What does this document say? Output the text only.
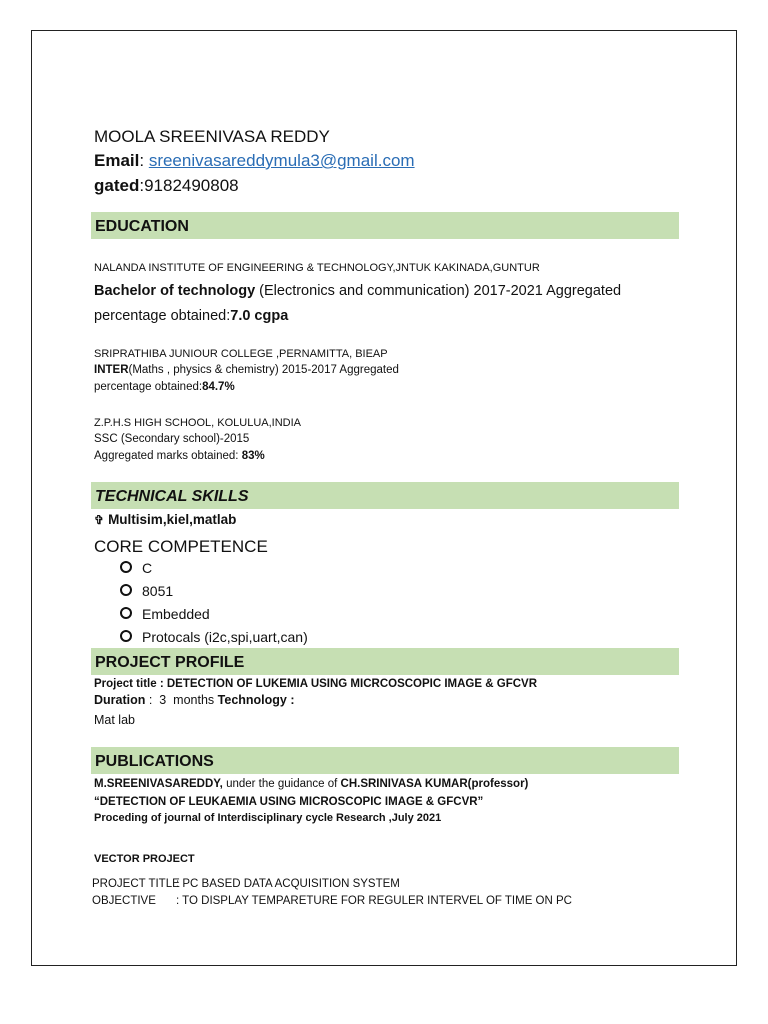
MOOLA SREENIVASA REDDY
Email: sreenivasareddymula3@gmail.com
gated:9182490808
EDUCATION
NALANDA INSTITUTE OF ENGINEERING & TECHNOLOGY,JNTUK KAKINADA,GUNTUR
Bachelor of technology (Electronics and communication) 2017-2021 Aggregated
percentage obtained:7.0 cgpa
SRIPRATHIBA JUNIOUR COLLEGE ,PERNAMITTA, BIEAP
INTER(Maths , physics & chemistry) 2015-2017 Aggregated
percentage obtained:84.7%
Z.P.H.S HIGH SCHOOL, KOLULUA,INDIA
SSC (Secondary school)-2015
Aggregated marks obtained: 83%
TECHNICAL SKILLS
✞ Multisim,kiel,matlab
CORE COMPETENCE
C
8051
Embedded
Protocals (i2c,spi,uart,can)
PROJECT PROFILE
Project title : DETECTION OF LUKEMIA USING MICRCOSCOPIC IMAGE & GFCVR
Duration :  3  months Technology :
Mat lab
PUBLICATIONS
M.SREENIVASAREDDY, under the guidance of CH.SRINIVASA KUMAR(professor)
“DETECTION OF LEUKAEMIA USING MICROSCOPIC IMAGE & GFCVR”
Proceding of journal of Interdisciplinary cycle Research ,July 2021
VECTOR PROJECT
PROJECT TITLE: PC BASED DATA ACQUISITION SYSTEM
OBJECTIVE : TO DISPLAY TEMPARETURE FOR REGULER INTERVEL OF TIME ON PC
